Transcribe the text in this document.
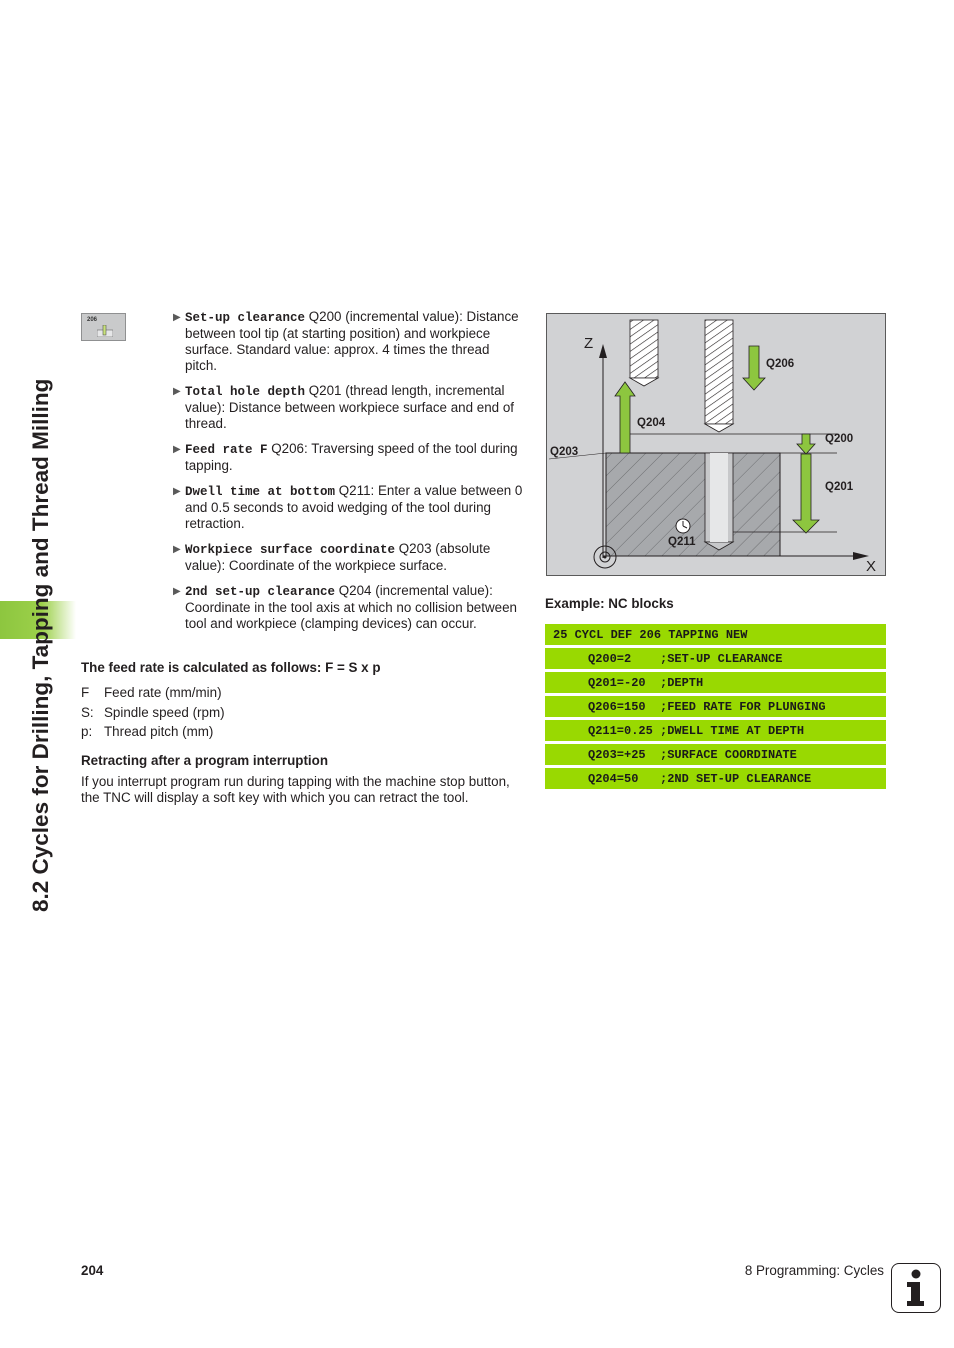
8.2 Cycles for Drilling, Tapping and Thread Milling
206	▶ Set-up clearance Q200 (incremental value): Distance between tool tip (at starting position) and workpiece surface. Standard value: approx. 4 times the thread pitch.
▶ Total hole depth Q201 (thread length, incremental value): Distance between workpiece surface and end of thread.
▶ Feed rate F Q206: Traversing speed of the tool during tapping.
▶ Dwell time at bottom Q211: Enter a value between 0 and 0.5 seconds to avoid wedging of the tool during retraction.
▶ Workpiece surface coordinate Q203 (absolute value): Coordinate of the workpiece surface.
▶ 2nd set-up clearance Q204 (incremental value): Coordinate in the tool axis at which no collision between tool and workpiece (clamping devices) can occur.
The feed rate is calculated as follows: F = S x p
F Feed rate (mm/min)
S: Spindle speed (rpm)
p: Thread pitch (mm)
Retracting after a program interruption
If you interrupt program run during tapping with the machine stop button, the TNC will display a soft key with which you can retract the tool.
Z
X
Q206
Q204
Q200
Q203
Q201
Q211
Example: NC blocks
25 CYCL DEF 206 TAPPING NEW
Q200=2	;SET-UP CLEARANCE
Q201=-20	;DEPTH
Q206=150	;FEED RATE FOR PLUNGING
Q211=0.25 ;DWELL TIME AT DEPTH
Q203=+25	;SURFACE COORDINATE
Q204=50	;2ND SET-UP CLEARANCE
204	8 Programming: Cycles
